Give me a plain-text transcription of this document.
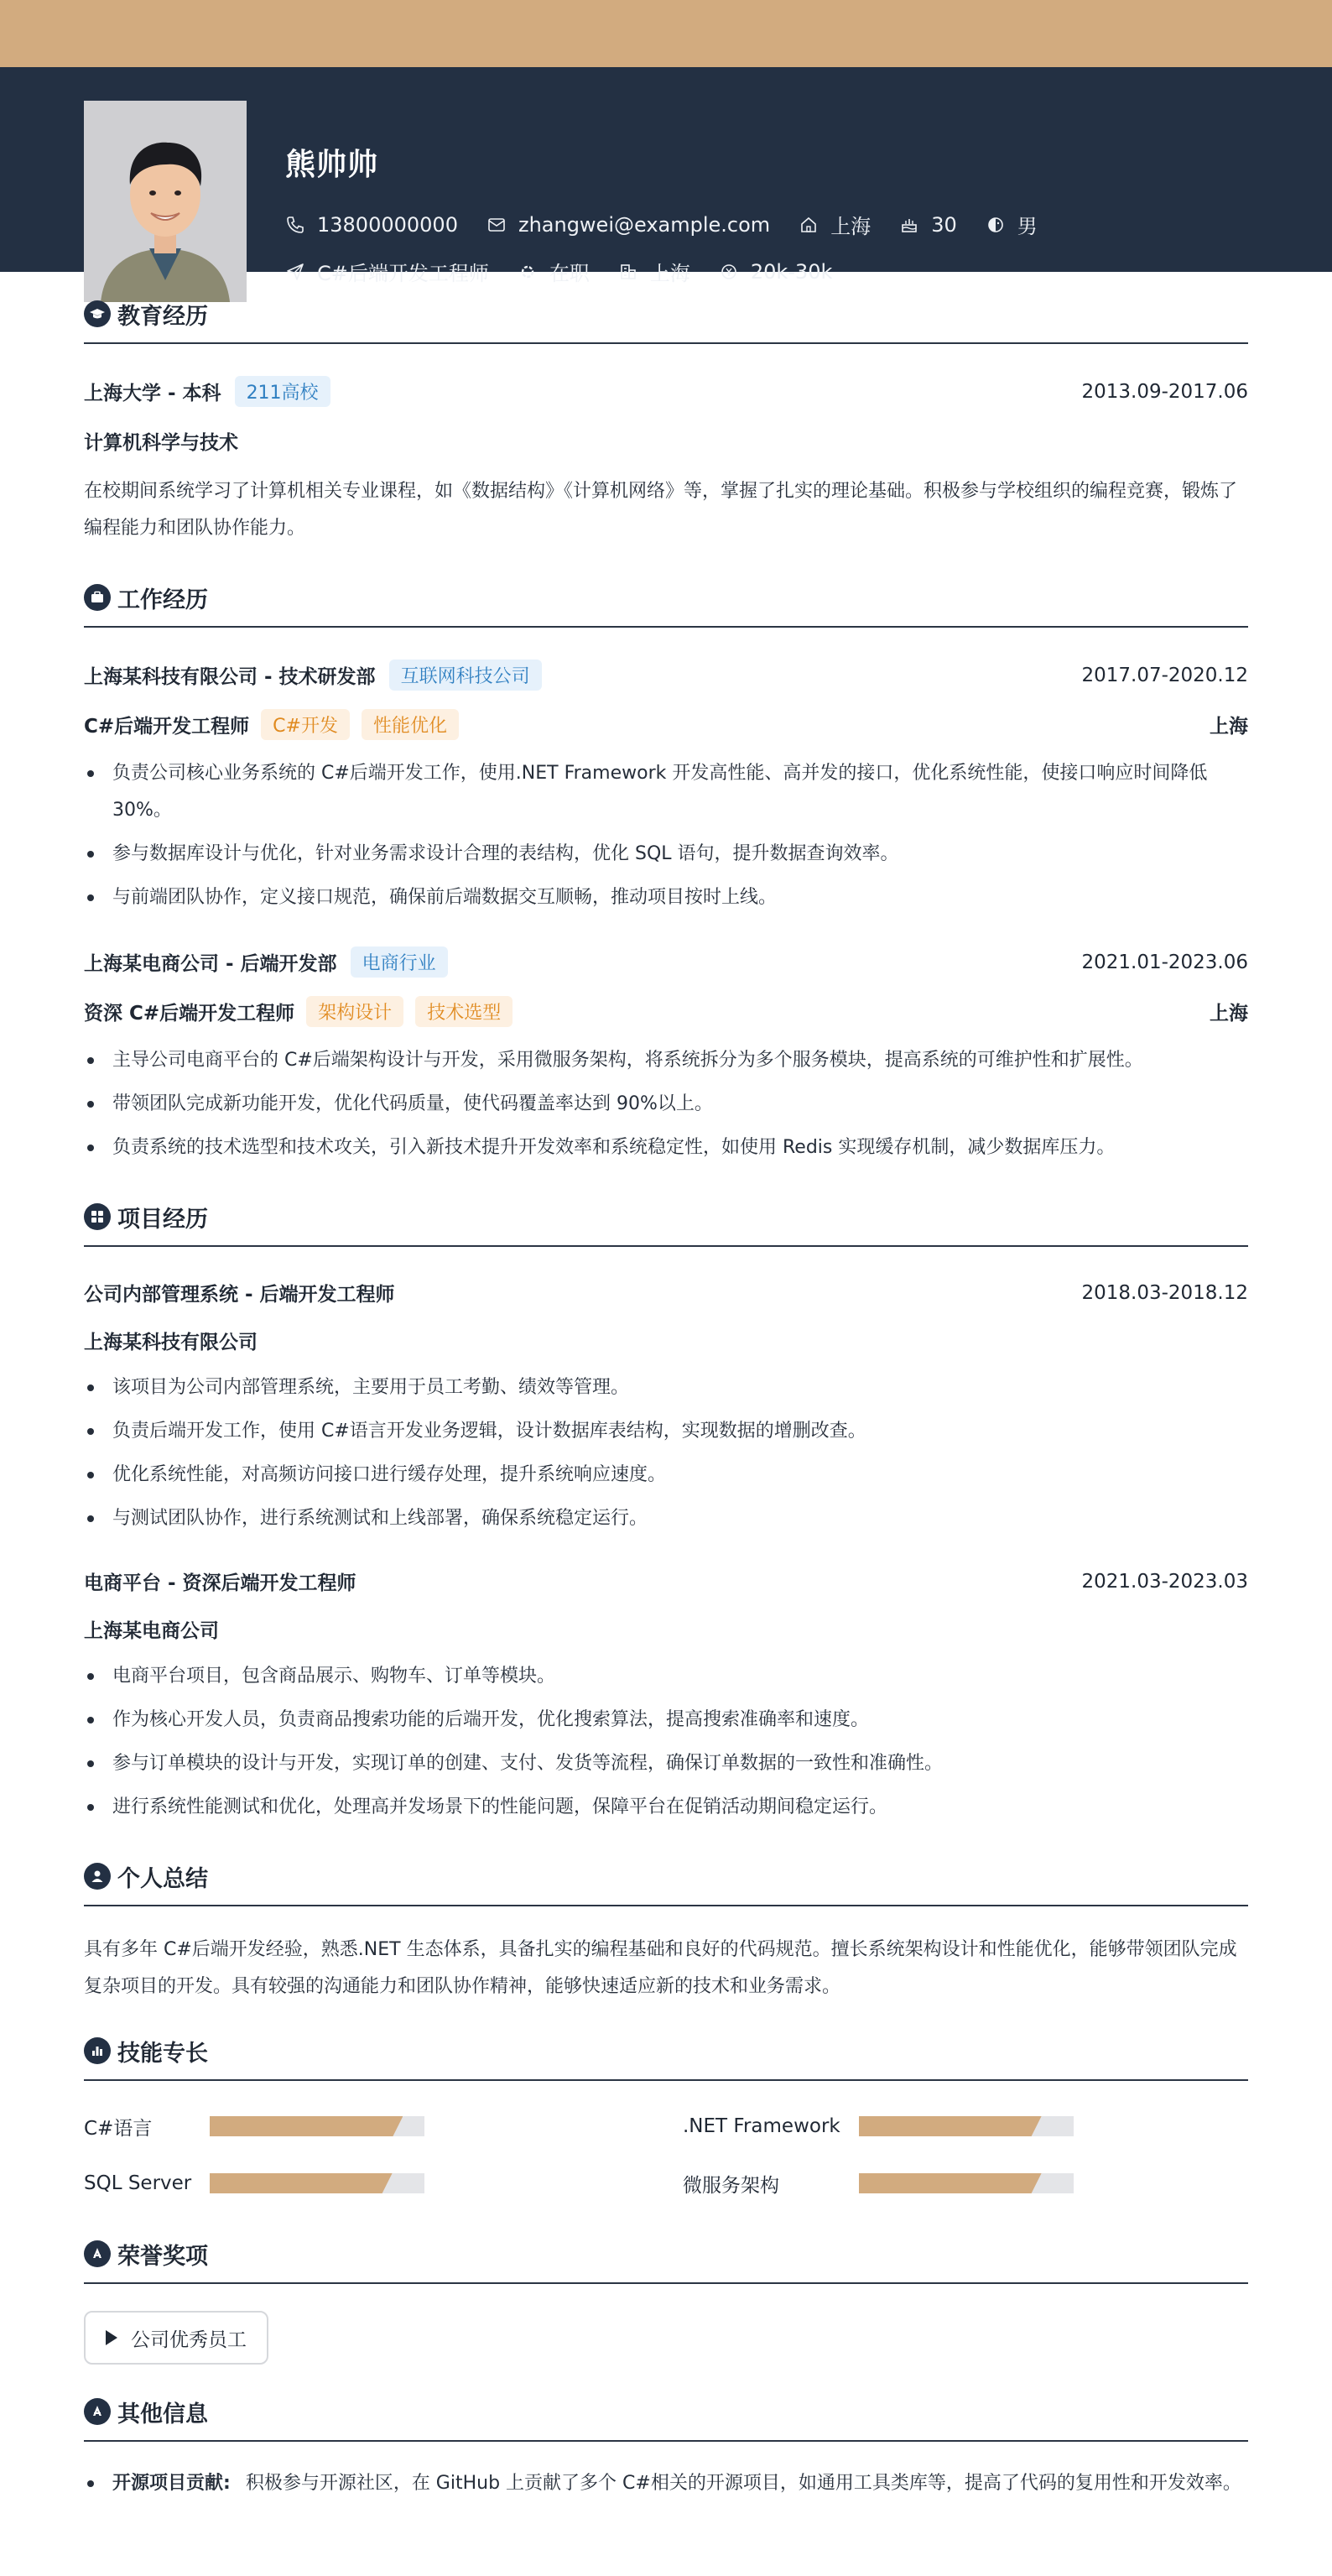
熊帅帅
13800000000	zhangwei@example.com	上海	30	男
C#后端开发工程师	在职	上海	20k-30k
教育经历
上海大学 - 本科	211高校	2013.09-2017.06
计算机科学与技术
在校期间系统学习了计算机相关专业课程，如《数据结构》《计算机网络》等，掌握了扎实的理论基础。积极参与学校组织的编程竞赛，锻炼了编程能力和团队协作能力。
工作经历
上海某科技有限公司 - 技术研发部	互联网科技公司	2017.07-2020.12
C#后端开发工程师	C#开发	性能优化	上海
负责公司核心业务系统的 C#后端开发工作，使用.NET Framework 开发高性能、高并发的接口，优化系统性能，使接口响应时间降低 30%。
参与数据库设计与优化，针对业务需求设计合理的表结构，优化 SQL 语句，提升数据查询效率。
与前端团队协作，定义接口规范，确保前后端数据交互顺畅，推动项目按时上线。
上海某电商公司 - 后端开发部	电商行业	2021.01-2023.06
资深 C#后端开发工程师	架构设计	技术选型	上海
主导公司电商平台的 C#后端架构设计与开发，采用微服务架构，将系统拆分为多个服务模块，提高系统的可维护性和扩展性。
带领团队完成新功能开发，优化代码质量，使代码覆盖率达到 90%以上。
负责系统的技术选型和技术攻关，引入新技术提升开发效率和系统稳定性，如使用 Redis 实现缓存机制，减少数据库压力。
项目经历
公司内部管理系统 - 后端开发工程师	2018.03-2018.12
上海某科技有限公司
该项目为公司内部管理系统，主要用于员工考勤、绩效等管理。
负责后端开发工作，使用 C#语言开发业务逻辑，设计数据库表结构，实现数据的增删改查。
优化系统性能，对高频访问接口进行缓存处理，提升系统响应速度。
与测试团队协作，进行系统测试和上线部署，确保系统稳定运行。
电商平台 - 资深后端开发工程师	2021.03-2023.03
上海某电商公司
电商平台项目，包含商品展示、购物车、订单等模块。
作为核心开发人员，负责商品搜索功能的后端开发，优化搜索算法，提高搜索准确率和速度。
参与订单模块的设计与开发，实现订单的创建、支付、发货等流程，确保订单数据的一致性和准确性。
进行系统性能测试和优化，处理高并发场景下的性能问题，保障平台在促销活动期间稳定运行。
个人总结
具有多年 C#后端开发经验，熟悉.NET 生态体系，具备扎实的编程基础和良好的代码规范。擅长系统架构设计和性能优化，能够带领团队完成复杂项目的开发。具有较强的沟通能力和团队协作精神，能够快速适应新的技术和业务需求。
技能专长
C#语言	.NET Framework
SQL Server	微服务架构
荣誉奖项
公司优秀员工
其他信息
开源项目贡献: 积极参与开源社区，在 GitHub 上贡献了多个 C#相关的开源项目，如通用工具类库等，提高了代码的复用性和开发效率。
